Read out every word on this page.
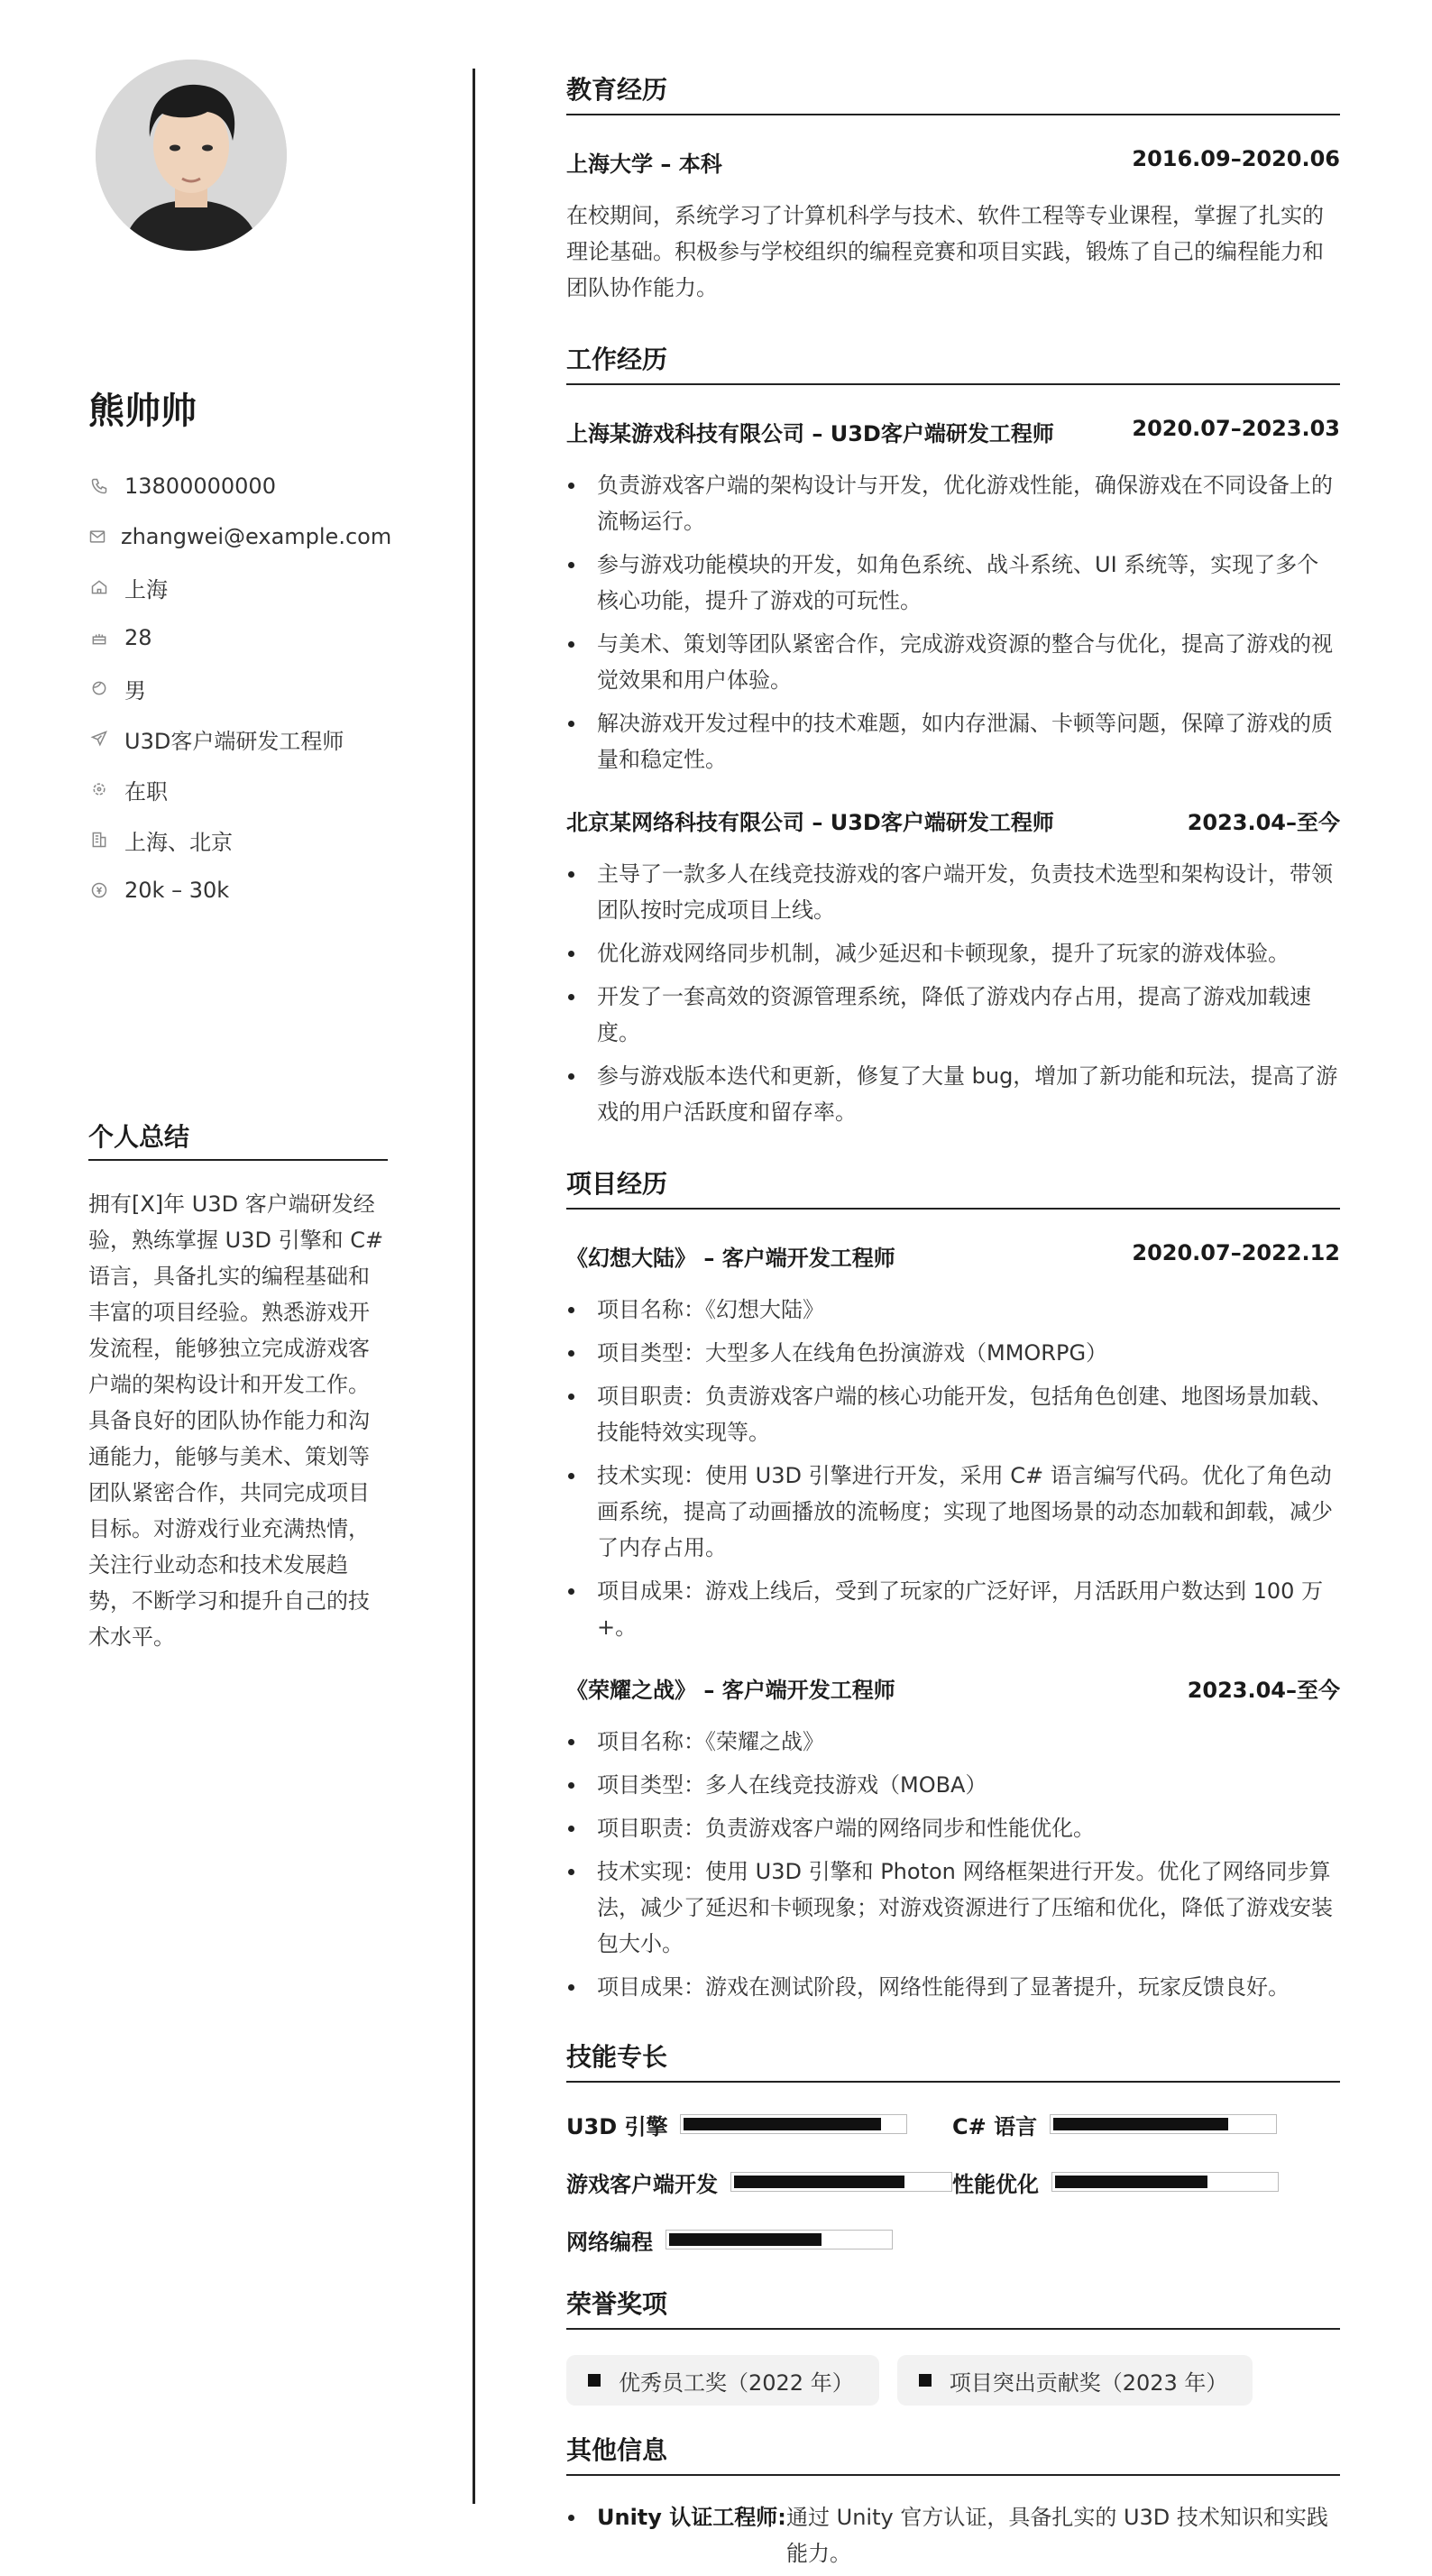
熊帅帅
13800000000
zhangwei@example.com
上海
28
男
U3D客户端研发工程师
在职
上海、北京
20k – 30k
个人总结
拥有[X]年 U3D 客户端研发经验，熟练掌握 U3D 引擎和 C# 语言，具备扎实的编程基础和丰富的项目经验。熟悉游戏开发流程，能够独立完成游戏客户端的架构设计和开发工作。具备良好的团队协作能力和沟通能力，能够与美术、策划等团队紧密合作，共同完成项目目标。对游戏行业充满热情，关注行业动态和技术发展趋势，不断学习和提升自己的技术水平。
教育经历
上海大学 – 本科	2016.09–2020.06

在校期间，系统学习了计算机科学与技术、软件工程等专业课程，掌握了扎实的理论基础。积极参与学校组织的编程竞赛和项目实践，锻炼了自己的编程能力和团队协作能力。

工作经历
上海某游戏科技有限公司 – U3D客户端研发工程师	2020.07–2023.03
负责游戏客户端的架构设计与开发，优化游戏性能，确保游戏在不同设备上的流畅运行。
参与游戏功能模块的开发，如角色系统、战斗系统、UI 系统等，实现了多个核心功能，提升了游戏的可玩性。
与美术、策划等团队紧密合作，完成游戏资源的整合与优化，提高了游戏的视觉效果和用户体验。
解决游戏开发过程中的技术难题，如内存泄漏、卡顿等问题，保障了游戏的质量和稳定性。
北京某网络科技有限公司 – U3D客户端研发工程师	2023.04–至今
主导了一款多人在线竞技游戏的客户端开发，负责技术选型和架构设计，带领团队按时完成项目上线。
优化游戏网络同步机制，减少延迟和卡顿现象，提升了玩家的游戏体验。
开发了一套高效的资源管理系统，降低了游戏内存占用，提高了游戏加载速度。
参与游戏版本迭代和更新，修复了大量 bug，增加了新功能和玩法，提高了游戏的用户活跃度和留存率。
项目经历
《幻想大陆》 – 客户端开发工程师	2020.07–2022.12
项目名称：《幻想大陆》
项目类型：大型多人在线角色扮演游戏（MMORPG）
项目职责：负责游戏客户端的核心功能开发，包括角色创建、地图场景加载、技能特效实现等。
技术实现：使用 U3D 引擎进行开发，采用 C# 语言编写代码。优化了角色动画系统，提高了动画播放的流畅度；实现了地图场景的动态加载和卸载，减少了内存占用。
项目成果：游戏上线后，受到了玩家的广泛好评，月活跃用户数达到 100 万+。
《荣耀之战》 – 客户端开发工程师	2023.04–至今
项目名称：《荣耀之战》
项目类型：多人在线竞技游戏（MOBA）
项目职责：负责游戏客户端的网络同步和性能优化。
技术实现：使用 U3D 引擎和 Photon 网络框架进行开发。优化了网络同步算法，减少了延迟和卡顿现象；对游戏资源进行了压缩和优化，降低了游戏安装包大小。
项目成果：游戏在测试阶段，网络性能得到了显著提升，玩家反馈良好。
技能专长
U3D 引擎	C# 语言
游戏客户端开发	性能优化
网络编程
荣誉奖项
优秀员工奖（2022 年）	项目突出贡献奖（2023 年）
其他信息
Unity 认证工程师: 通过 Unity 官方认证，具备扎实的 U3D 技术知识和实践能力。
